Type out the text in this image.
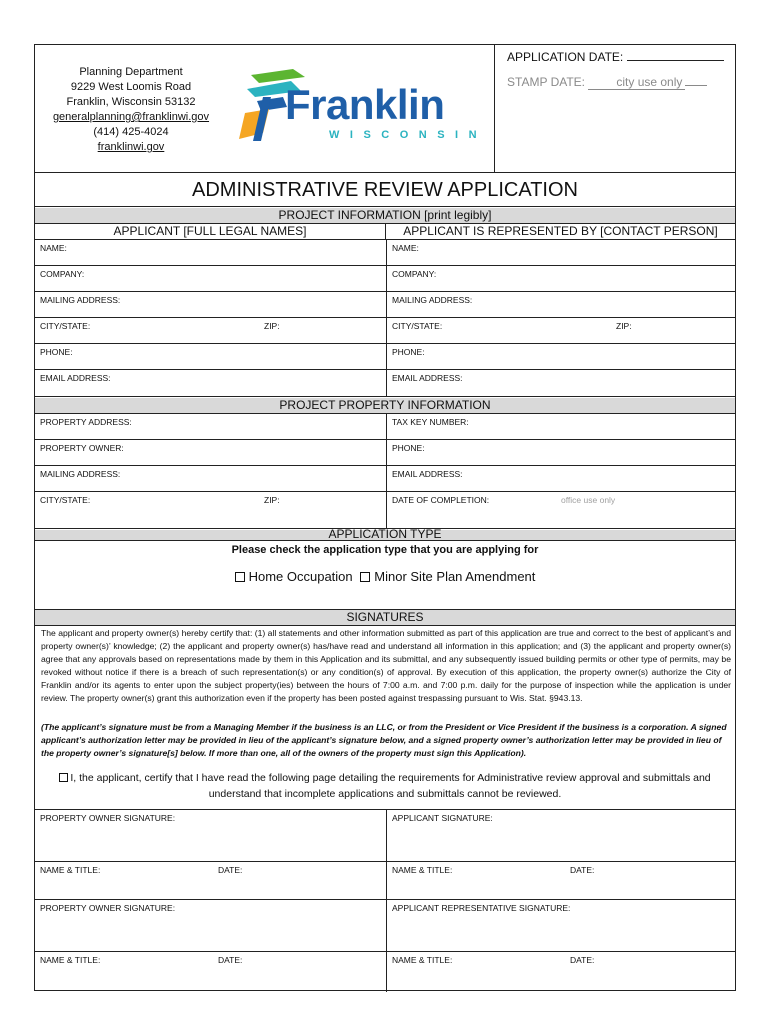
Planning Department
9229 West Loomis Road
Franklin, Wisconsin 53132
generalplanning@franklinwi.gov
(414) 425-4024
franklinwi.gov
Franklin
WISCONSIN
APPLICATION DATE:
STAMP DATE:	city use only
ADMINISTRATIVE REVIEW APPLICATION
PROJECT INFORMATION [print legibly]
APPLICANT [FULL LEGAL NAMES]	APPLICANT IS REPRESENTED BY [CONTACT PERSON]
NAME:	NAME:
COMPANY:	COMPANY:
MAILING ADDRESS:	MAILING ADDRESS:
CITY/STATE:	ZIP:	CITY/STATE:	ZIP:
PHONE:	PHONE:
EMAIL ADDRESS:	EMAIL ADDRESS:
PROJECT PROPERTY INFORMATION
PROPERTY ADDRESS:	TAX KEY NUMBER:
PROPERTY OWNER:	PHONE:
MAILING ADDRESS:	EMAIL ADDRESS:
CITY/STATE:	ZIP:	DATE OF COMPLETION:	office use only
APPLICATION TYPE
Please check the application type that you are applying for
Home Occupation Minor Site Plan Amendment
SIGNATURES
The applicant and property owner(s) hereby certify that: (1) all statements and other information submitted as part of this application are true and correct to the best of applicant’s and property owner(s)’ knowledge; (2) the applicant and property owner(s) has/have read and understand all information in this application; and (3) the applicant and property owner(s) agree that any approvals based on representations made by them in this Application and its submittal, and any subsequently issued building permits or other type of permits, may be revoked without notice if there is a breach of such representation(s) or any condition(s) of approval. By execution of this application, the property owner(s) authorize the City of Franklin and/or its agents to enter upon the subject property(ies) between the hours of 7:00 a.m. and 7:00 p.m. daily for the purpose of inspection while the application is under review. The property owner(s) grant this authorization even if the property has been posted against trespassing pursuant to Wis. Stat. §943.13.
(The applicant’s signature must be from a Managing Member if the business is an LLC, or from the President or Vice President if the business is a corporation. A signed applicant’s authorization letter may be provided in lieu of the applicant’s signature below, and a signed property owner’s authorization letter may be provided in lieu of the property owner’s signature[s] below. If more than one, all of the owners of the property must sign this Application).
I, the applicant, certify that I have read the following page detailing the requirements for Administrative review approval and submittals and
understand that incomplete applications and submittals cannot be reviewed.
PROPERTY OWNER SIGNATURE:	APPLICANT SIGNATURE:
NAME & TITLE:	DATE:	NAME & TITLE:	DATE:
PROPERTY OWNER SIGNATURE:	APPLICANT REPRESENTATIVE SIGNATURE:
NAME & TITLE:	DATE:	NAME & TITLE:	DATE:
